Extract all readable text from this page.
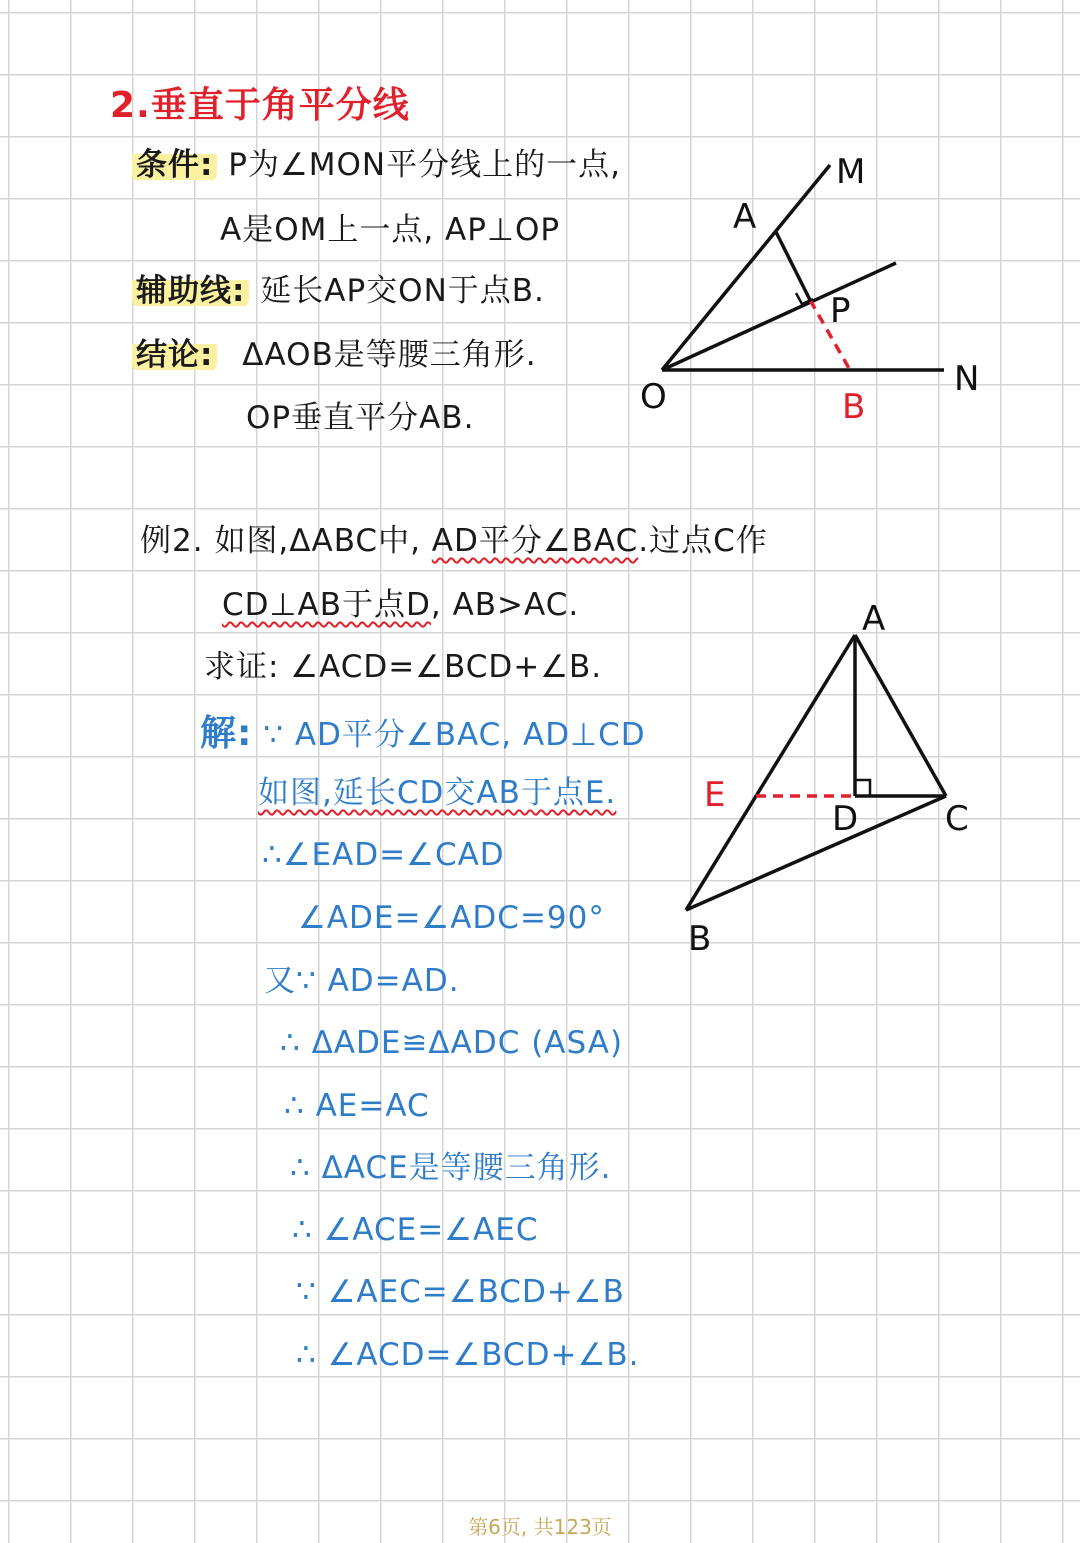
2.垂直于角平分线
条件: P为∠MON平分线上的一点,
A是OM上一点, AP⊥OP
辅助线: 延长AP交ON于点B.
结论: ΔAOB是等腰三角形.
OP垂直平分AB.
M
A
P
O	B
N
例2. 如图,ΔABC中, AD平分∠BAC.过点C作
CD⊥AB于点D, AB>AC.
求证: ∠ACD=∠BCD+∠B.
解: ∵ AD平分∠BAC, AD⊥CD
如图,延长CD交AB于点E.
∴∠EAD=∠CAD
∠ADE=∠ADC=90°
又∵ AD=AD.
∴ ΔADE≌ΔADC (ASA)
∴ AE=AC
∴ ΔACE是等腰三角形.
∴ ∠ACE=∠AEC
∵ ∠AEC=∠BCD+∠B
∴ ∠ACD=∠BCD+∠B.
A
B
C
D
E
第6页, 共123页
